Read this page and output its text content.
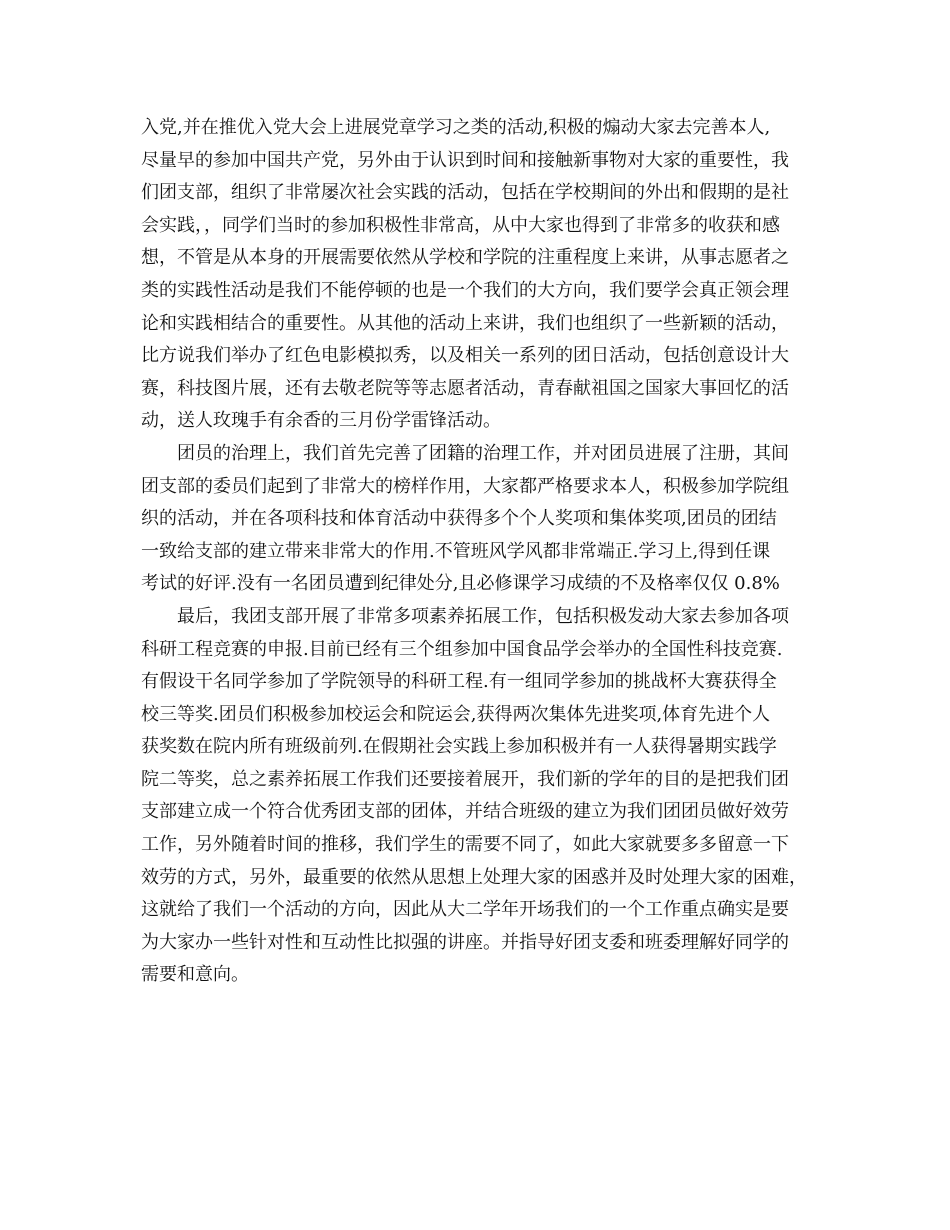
入党,并在推优入党大会上进展党章学习之类的活动,积极的煽动大家去完善本人,
尽量早的参加中国共产党，另外由于认识到时间和接触新事物对大家的重要性，我
们团支部，组织了非常屡次社会实践的活动，包括在学校期间的外出和假期的是社
会实践，，同学们当时的参加积极性非常高，从中大家也得到了非常多的收获和感
想，不管是从本身的开展需要依然从学校和学院的注重程度上来讲，从事志愿者之
类的实践性活动是我们不能停顿的也是一个我们的大方向，我们要学会真正领会理
论和实践相结合的重要性。从其他的活动上来讲，我们也组织了一些新颖的活动，
比方说我们举办了红色电影模拟秀，以及相关一系列的团日活动，包括创意设计大
赛，科技图片展，还有去敬老院等等志愿者活动，青春献祖国之国家大事回忆的活
动，送人玫瑰手有余香的三月份学雷锋活动。
　　团员的治理上，我们首先完善了团籍的治理工作，并对团员进展了注册，其间
团支部的委员们起到了非常大的榜样作用，大家都严格要求本人，积极参加学院组
织的活动，并在各项科技和体育活动中获得多个个人奖项和集体奖项,团员的团结
一致给支部的建立带来非常大的作用.不管班风学风都非常端正.学习上,得到任课
考试的好评.没有一名团员遭到纪律处分,且必修课学习成绩的不及格率仅仅 0.8%
　　最后，我团支部开展了非常多项素养拓展工作，包括积极发动大家去参加各项
科研工程竞赛的申报.目前已经有三个组参加中国食品学会举办的全国性科技竞赛.
有假设干名同学参加了学院领导的科研工程.有一组同学参加的挑战杯大赛获得全
校三等奖.团员们积极参加校运会和院运会,获得两次集体先进奖项,体育先进个人
获奖数在院内所有班级前列.在假期社会实践上参加积极并有一人获得暑期实践学
院二等奖，总之素养拓展工作我们还要接着展开，我们新的学年的目的是把我们团
支部建立成一个符合优秀团支部的团体，并结合班级的建立为我们团团员做好效劳
工作，另外随着时间的推移，我们学生的需要不同了，如此大家就要多多留意一下
效劳的方式，另外，最重要的依然从思想上处理大家的困惑并及时处理大家的困难，
这就给了我们一个活动的方向，因此从大二学年开场我们的一个工作重点确实是要
为大家办一些针对性和互动性比拟强的讲座。并指导好团支委和班委理解好同学的
需要和意向。
